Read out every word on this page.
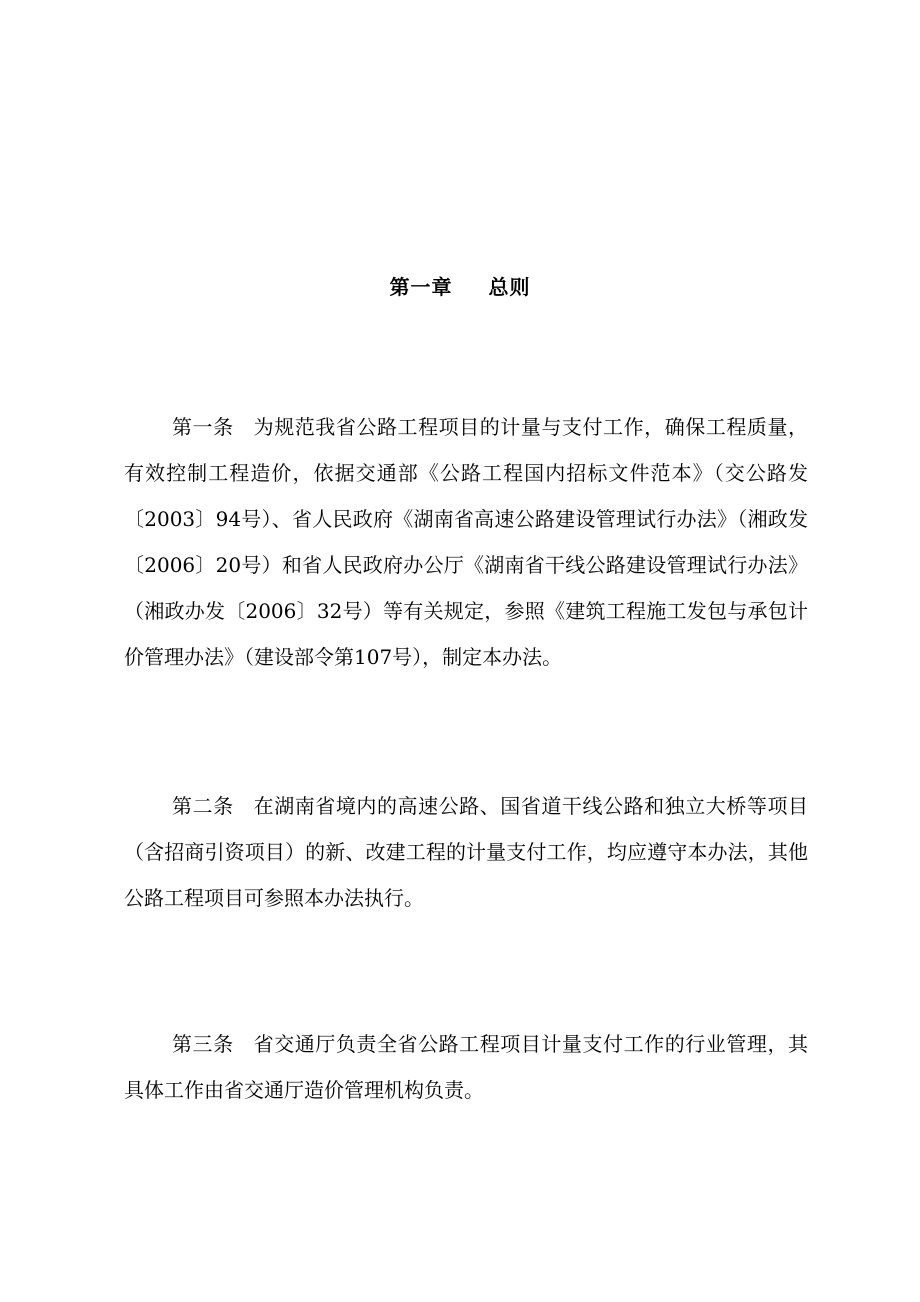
第一章 总则

第一条 为规范我省公路工程项目的计量与支付工作，确保工程质量，有效控制工程造价，依据交通部《公路工程国内招标文件范本》（交公路发〔2003〕94号）、省人民政府《湖南省高速公路建设管理试行办法》（湘政发〔2006〕20号）和省人民政府办公厅《湖南省干线公路建设管理试行办法》（湘政办发〔2006〕32号）等有关规定，参照《建筑工程施工发包与承包计价管理办法》（建设部令第107号），制定本办法。

第二条 在湖南省境内的高速公路、国省道干线公路和独立大桥等项目（含招商引资项目）的新、改建工程的计量支付工作，均应遵守本办法，其他公路工程项目可参照本办法执行。

第三条 省交通厅负责全省公路工程项目计量支付工作的行业管理，其具体工作由省交通厅造价管理机构负责。
